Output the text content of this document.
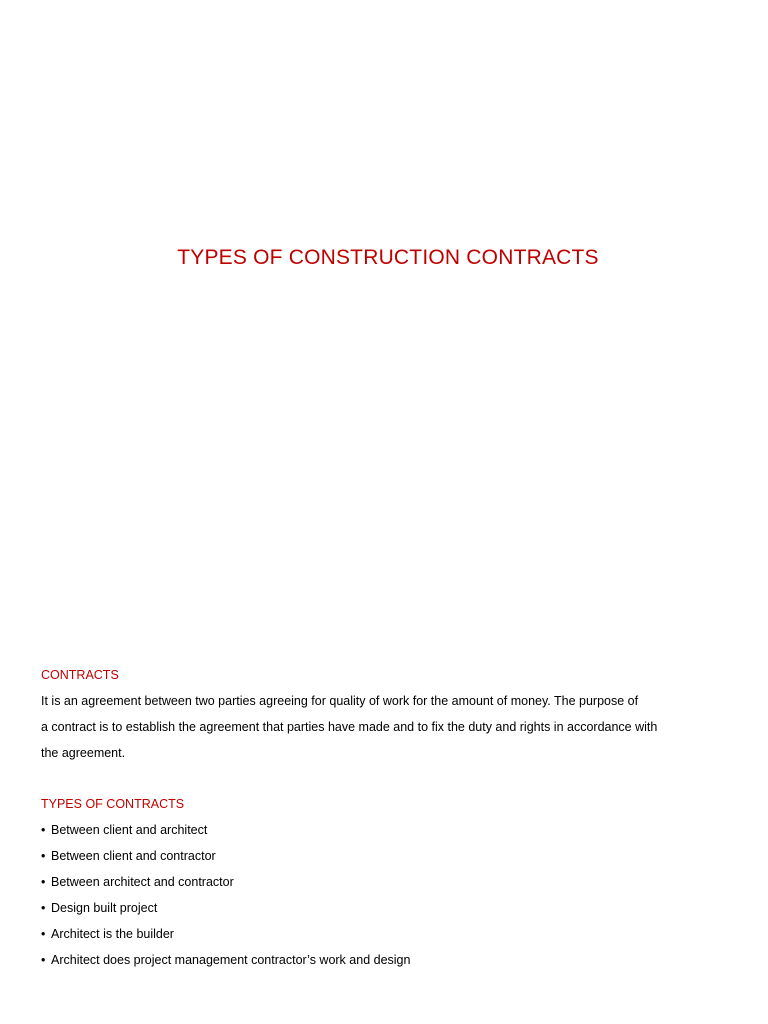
TYPES OF CONSTRUCTION CONTRACTS

CONTRACTS

It is an agreement between two parties agreeing for quality of work for the amount of money. The purpose of
a contract is to establish the agreement that parties have made and to fix the duty and rights in accordance with
the agreement.

TYPES OF CONTRACTS

• Between client and architect
• Between client and contractor
• Between architect and contractor
• Design built project
• Architect is the builder
• Architect does project management contractor’s work and design
